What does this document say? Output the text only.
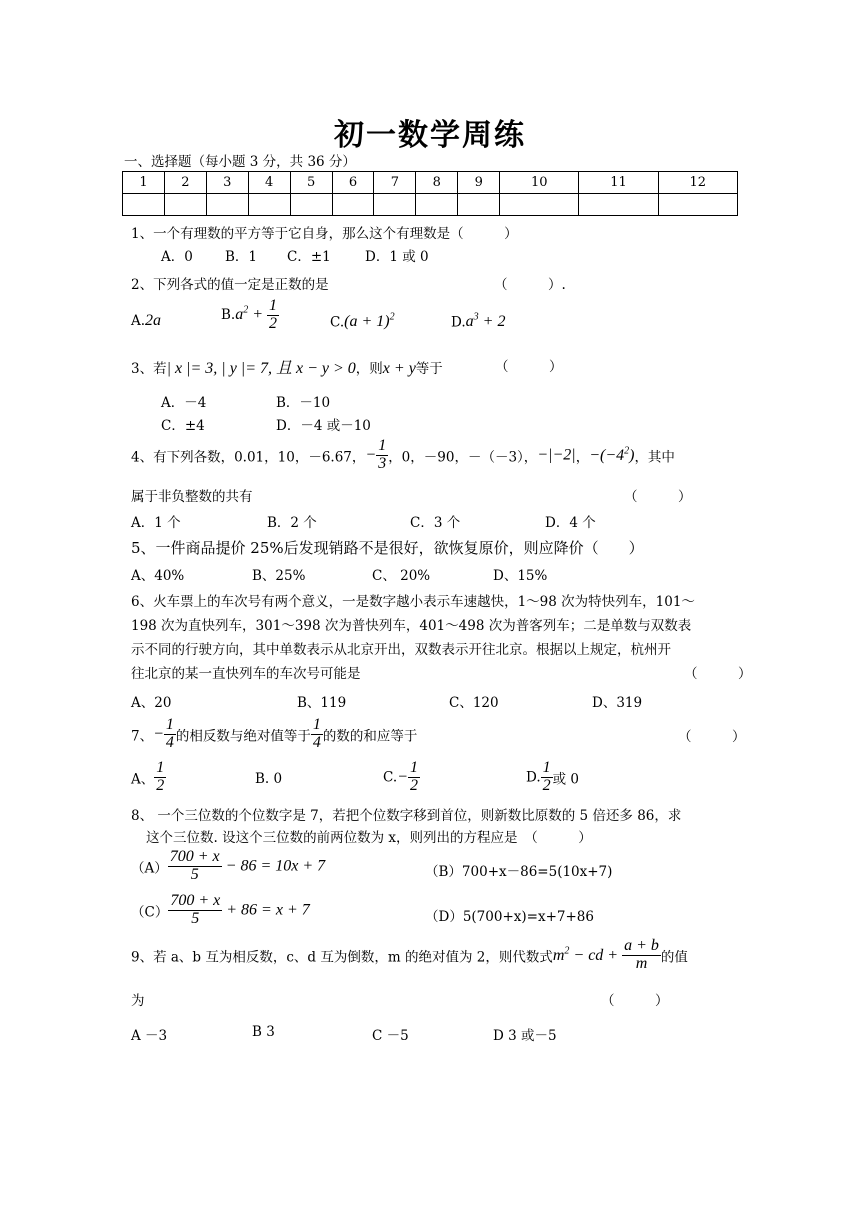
初一数学周练
一、选择题（每小题 3 分，共 36 分）
1	2	3	4	5	6	7	8	9	10	11	12

1、一个有理数的平方等于它自身，那么这个有理数是（　　　）
A．0 B．1 C．±1	D．1 或 0
2、下列各式的值一定是正数的是	（　　　）.
A.2a	$B.a^2 + \frac{1}{2}$	$C.(a + 1)^2$	$D.a^3 + 2$
3、若| x |= 3, | y |= 7, 且 x − y > 0，则x + y等于	（　　　）
A．－4	B．－10
C．±4	D．－4 或－10
4、有下列各数，0.01，10，－6.67，− $\frac{1}{3}$ ，0，－90，－（－3），−|−2|，$-(-4^2)$，其中
属于非负整数的共有	（　　　）
A．1 个	B．2 个	C．3 个	D．4 个
5、一件商品提价 25%后发现销路不是很好，欲恢复原价，则应降价（　　）
A、40%	B、25%	C、 20%	D、15%
6、火车票上的车次号有两个意义，一是数字越小表示车速越快，1～98 次为特快列车，101～
198 次为直快列车，301～398 次为普快列车，401～498 次为普客列车；二是单数与双数表
示不同的行驶方向，其中单数表示从北京开出，双数表示开往北京。根据以上规定，杭州开
往北京的某一直快列车的车次号可能是	（　　　）
A、20	B、119	C、120	D、319
7、− $\frac{1}{4}$ 的相反数与绝对值等于 $\frac{1}{4}$ 的数的和应等于	（　　　）
A、 $\frac{1}{2}$	B. 0	$C.- \frac{1}{2}$	D. $\frac{1}{2}$ 或 0
8、 一个三位数的个位数字是 7，若把个位数字移到首位，则新数比原数的 5 倍还多 86，求
这个三位数. 设这个三位数的前两位数为 x，则列出的方程应是　（　　　）
$(A) \frac{700 + x}{5} - 86 = 10x + 7$	（B）700+x－86=5(10x+7)
$(C) \frac{700 + x}{5} + 86 = x + 7$	（D）5(700+x)=x+7+86
9、若 a、b 互为相反数，c、d 互为倒数，m 的绝对值为 2，则代数式$m^2$ − cd + $\frac{a + b}{m}$ 的值
为	（　　　）
A －3	B 3	C －5	D 3 或－5
